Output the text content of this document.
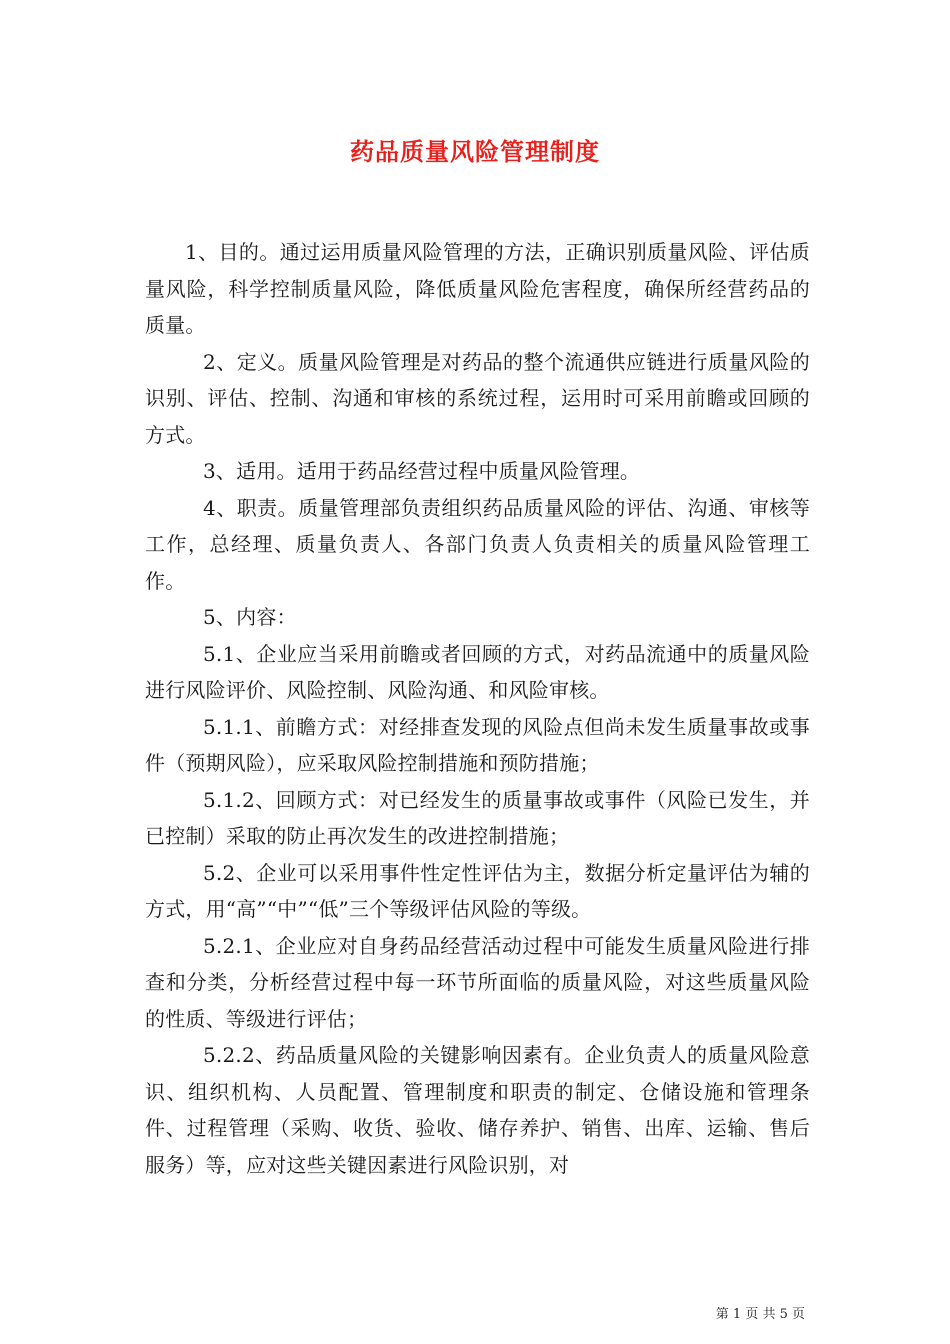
药品质量风险管理制度

1、目的。通过运用质量风险管理的方法，正确识别质量风险、评估质量风险，科学控制质量风险，降低质量风险危害程度，确保所经营药品的质量。

2、定义。质量风险管理是对药品的整个流通供应链进行质量风险的识别、评估、控制、沟通和审核的系统过程，运用时可采用前瞻或回顾的方式。

3、适用。适用于药品经营过程中质量风险管理。

4、职责。质量管理部负责组织药品质量风险的评估、沟通、审核等工作，总经理、质量负责人、各部门负责人负责相关的质量风险管理工作。

5、内容：

5.1、企业应当采用前瞻或者回顾的方式，对药品流通中的质量风险进行风险评价、风险控制、风险沟通、和风险审核。

5.1.1、前瞻方式：对经排查发现的风险点但尚未发生质量事故或事件（预期风险），应采取风险控制措施和预防措施；

5.1.2、回顾方式：对已经发生的质量事故或事件（风险已发生，并已控制）采取的防止再次发生的改进控制措施；

5.2、企业可以采用事件性定性评估为主，数据分析定量评估为辅的方式，用“高”“中”“低”三个等级评估风险的等级。

5.2.1、企业应对自身药品经营活动过程中可能发生质量风险进行排查和分类，分析经营过程中每一环节所面临的质量风险，对这些质量风险的性质、等级进行评估；

5.2.2、药品质量风险的关键影响因素有。企业负责人的质量风险意识、组织机构、人员配置、管理制度和职责的制定、仓储设施和管理条件、过程管理（采购、收货、验收、储存养护、销售、出库、运输、售后服务）等，应对这些关键因素进行风险识别，对

第 1 页 共 5 页
